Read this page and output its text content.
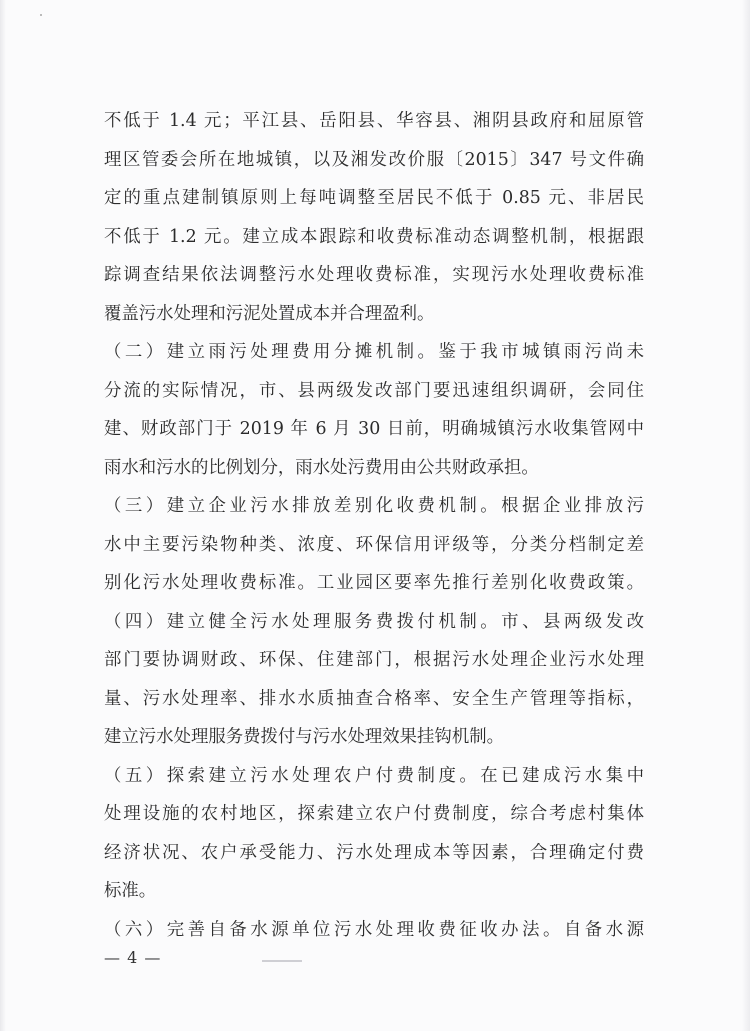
不低于 1.4 元；平江县、岳阳县、华容县、湘阴县政府和屈原管
理区管委会所在地城镇，以及湘发改价服〔2015〕347 号文件确
定的重点建制镇原则上每吨调整至居民不低于 0.85 元、非居民
不低于 1.2 元。建立成本跟踪和收费标准动态调整机制，根据跟
踪调查结果依法调整污水处理收费标准，实现污水处理收费标准
覆盖污水处理和污泥处置成本并合理盈利。
（二）建立雨污处理费用分摊机制。鉴于我市城镇雨污尚未
分流的实际情况，市、县两级发改部门要迅速组织调研，会同住
建、财政部门于 2019 年 6 月 30 日前，明确城镇污水收集管网中
雨水和污水的比例划分，雨水处污费用由公共财政承担。
（三）建立企业污水排放差别化收费机制。根据企业排放污
水中主要污染物种类、浓度、环保信用评级等，分类分档制定差
别化污水处理收费标准。工业园区要率先推行差别化收费政策。
（四）建立健全污水处理服务费拨付机制。市、县两级发改
部门要协调财政、环保、住建部门，根据污水处理企业污水处理
量、污水处理率、排水水质抽查合格率、安全生产管理等指标，
建立污水处理服务费拨付与污水处理效果挂钩机制。
（五）探索建立污水处理农户付费制度。在已建成污水集中
处理设施的农村地区，探索建立农户付费制度，综合考虑村集体
经济状况、农户承受能力、污水处理成本等因素，合理确定付费
标准。
（六）完善自备水源单位污水处理收费征收办法。自备水源
— 4 —
